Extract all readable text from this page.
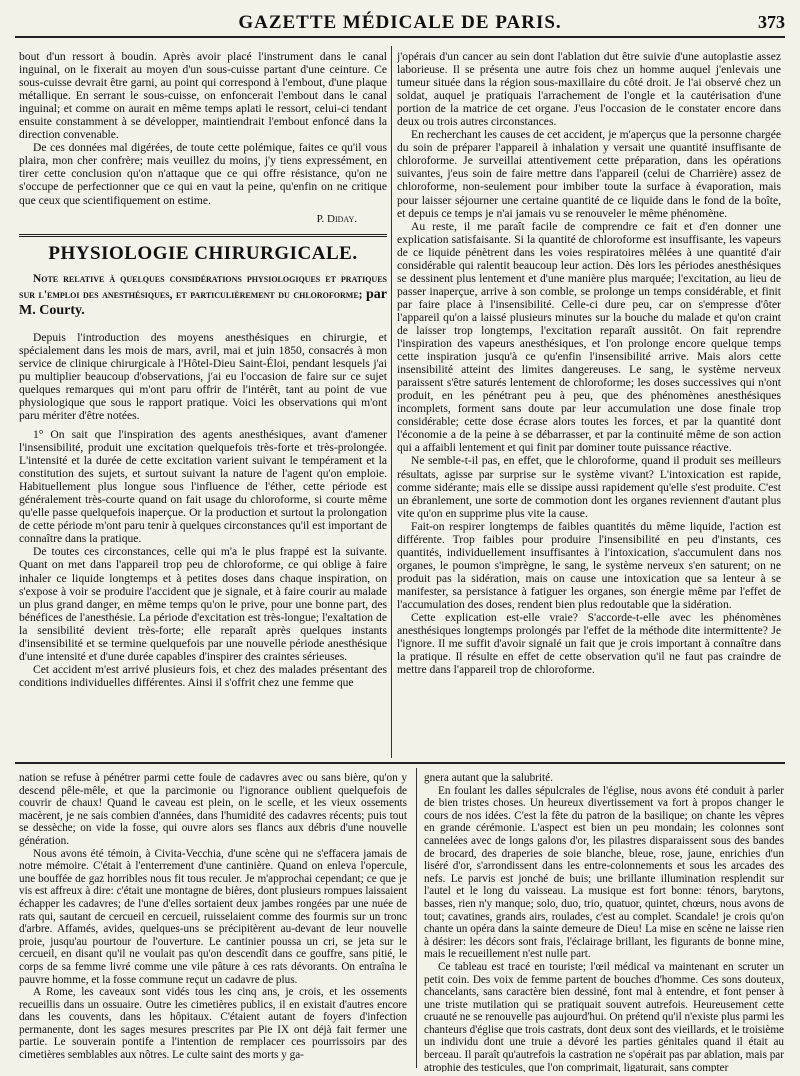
GAZETTE MÉDICALE DE PARIS.	373

bout d'un ressort à boudin. Après avoir placé l'instrument dans le canal inguinal, on le fixerait au moyen d'un sous-cuisse partant d'une ceinture. Ce sous-cuisse devrait être garni, au point qui correspond à l'embout, d'une plaque métallique. En serrant le sous-cuisse, on enfoncerait l'embout dans le canal inguinal; et comme on aurait en même temps aplati le ressort, celui-ci tendant ensuite constamment à se développer, maintiendrait l'embout enfoncé dans la direction convenable.

De ces données mal digérées, de toute cette polémique, faites ce qu'il vous plaira, mon cher confrère; mais veuillez du moins, j'y tiens expressément, en tirer cette conclusion qu'on n'attaque que ce qui offre résistance, qu'on ne s'occupe de perfectionner que ce qui en vaut la peine, qu'enfin on ne critique que ceux que scientifiquement on estime.

P. Diday.

PHYSIOLOGIE CHIRURGICALE.

Note relative à quelques considérations physiologiques et pratiques sur l'emploi des anesthésiques, et particulièrement du chloroforme; par M. Courty.

Depuis l'introduction des moyens anesthésiques en chirurgie, et spécialement dans les mois de mars, avril, mai et juin 1850, consacrés à mon service de clinique chirurgicale à l'Hôtel-Dieu Saint-Éloi, pendant lesquels j'ai pu multiplier beaucoup d'observations, j'ai eu l'occasion de faire sur ce sujet quelques remarques qui m'ont paru offrir de l'intérêt, tant au point de vue physiologique que sous le rapport pratique. Voici les observations qui m'ont paru mériter d'être notées.

1° On sait que l'inspiration des agents anesthésiques, avant d'amener l'insensibilité, produit une excitation quelquefois très-forte et très-prolongée. L'intensité et la durée de cette excitation varient suivant le tempérament et la constitution des sujets, et surtout suivant la nature de l'agent qu'on emploie. Habituellement plus longue sous l'influence de l'éther, cette période est généralement très-courte quand on fait usage du chloroforme, si courte même qu'elle passe quelquefois inaperçue. Or la production et surtout la prolongation de cette période m'ont paru tenir à quelques circonstances qu'il est important de connaître dans la pratique.

De toutes ces circonstances, celle qui m'a le plus frappé est la suivante. Quant on met dans l'appareil trop peu de chloroforme, ce qui oblige à faire inhaler ce liquide longtemps et à petites doses dans chaque inspiration, on s'expose à voir se produire l'accident que je signale, et à faire courir au malade un plus grand danger, en même temps qu'on le prive, pour une bonne part, des bénéfices de l'anesthésie. La période d'excitation est très-longue; l'exaltation de la sensibilité devient très-forte; elle reparaît après quelques instants d'insensibilité et se termine quelquefois par une nouvelle période anesthésique d'une intensité et d'une durée capables d'inspirer des craintes sérieuses.

Cet accident m'est arrivé plusieurs fois, et chez des malades présentant des conditions individuelles différentes. Ainsi il s'offrit chez une femme que

j'opérais d'un cancer au sein dont l'ablation dut être suivie d'une autoplastie assez laborieuse. Il se présenta une autre fois chez un homme auquel j'enlevais une tumeur située dans la région sous-maxillaire du côté droit. Je l'ai observé chez un soldat, auquel je pratiquais l'arrachement de l'ongle et la cautérisation d'une portion de la matrice de cet organe. J'eus l'occasion de le constater encore dans deux ou trois autres circonstances.

En recherchant les causes de cet accident, je m'aperçus que la personne chargée du soin de préparer l'appareil à inhalation y versait une quantité insuffisante de chloroforme. Je surveillai attentivement cette préparation, dans les opérations suivantes, j'eus soin de faire mettre dans l'appareil (celui de Charrière) assez de chloroforme, non-seulement pour imbiber toute la surface à évaporation, mais pour laisser séjourner une certaine quantité de ce liquide dans le fond de la boîte, et depuis ce temps je n'ai jamais vu se renouveler le même phénomène.

Au reste, il me paraît facile de comprendre ce fait et d'en donner une explication satisfaisante. Si la quantité de chloroforme est insuffisante, les vapeurs de ce liquide pénètrent dans les voies respiratoires mêlées à une quantité d'air considérable qui ralentit beaucoup leur action. Dès lors les périodes anesthésiques se dessinent plus lentement et d'une manière plus marquée; l'excitation, au lieu de passer inaperçue, arrive à son comble, se prolonge un temps considérable, et finit par faire place à l'insensibilité. Celle-ci dure peu, car on s'empresse d'ôter l'appareil qu'on a laissé plusieurs minutes sur la bouche du malade et qu'on craint de laisser trop longtemps, l'excitation reparaît aussitôt. On fait reprendre l'inspiration des vapeurs anesthésiques, et l'on prolonge encore quelque temps cette inspiration jusqu'à ce qu'enfin l'insensibilité arrive. Mais alors cette insensibilité atteint des limites dangereuses. Le sang, le système nerveux paraissent s'être saturés lentement de chloroforme; les doses successives qui n'ont produit, en les pénétrant peu à peu, que des phénomènes anesthésiques incomplets, forment sans doute par leur accumulation une dose finale trop considérable; cette dose écrase alors toutes les forces, et par la quantité dont l'économie a de la peine à se débarrasser, et par la continuité même de son action qui a affaibli lentement et qui finit par dominer toute puissance réactive.

Ne semble-t-il pas, en effet, que le chloroforme, quand il produit ses meilleurs résultats, agisse par surprise sur le système vivant? L'intoxication est rapide, comme sidérante; mais elle se dissipe aussi rapidement qu'elle s'est produite. C'est un ébranlement, une sorte de commotion dont les organes reviennent d'autant plus vite qu'on en supprime plus vite la cause.

Fait-on respirer longtemps de faibles quantités du même liquide, l'action est différente. Trop faibles pour produire l'insensibilité en peu d'instants, ces quantités, individuellement insuffisantes à l'intoxication, s'accumulent dans nos organes, le poumon s'imprègne, le sang, le système nerveux s'en saturent; on ne produit pas la sidération, mais on cause une intoxication que sa lenteur à se manifester, sa persistance à fatiguer les organes, son énergie même par l'effet de l'accumulation des doses, rendent bien plus redoutable que la sidération.

Cette explication est-elle vraie? S'accorde-t-elle avec les phénomènes anesthésiques longtemps prolongés par l'effet de la méthode dite intermittente? Je l'ignore. Il me suffit d'avoir signalé un fait que je crois important à connaître dans la pratique. Il résulte en effet de cette observation qu'il ne faut pas craindre de mettre dans l'appareil trop de chloroforme.

nation se refuse à pénétrer parmi cette foule de cadavres avec ou sans bière, qu'on y descend pêle-mêle, et que la parcimonie ou l'ignorance oublient quelquefois de couvrir de chaux! Quand le caveau est plein, on le scelle, et les vieux ossements macèrent, je ne sais combien d'années, dans l'humidité des cadavres récents; puis tout se dessèche; on vide la fosse, qui ouvre alors ses flancs aux débris d'une nouvelle génération.

Nous avons été témoin, à Civita-Vecchia, d'une scène qui ne s'effacera jamais de notre mémoire. C'était à l'enterrement d'une cantinière. Quand on enleva l'opercule, une bouffée de gaz horribles nous fit tous reculer. Je m'approchai cependant; ce que je vis est affreux à dire: c'était une montagne de bières, dont plusieurs rompues laissaient échapper les cadavres; de l'une d'elles sortaient deux jambes rongées par une nuée de rats qui, sautant de cercueil en cercueil, ruisselaient comme des fourmis sur un tronc d'arbre. Affamés, avides, quelques-uns se précipitèrent au-devant de leur nouvelle proie, jusqu'au pourtour de l'ouverture. Le cantinier poussa un cri, se jeta sur le cercueil, en disant qu'il ne voulait pas qu'on descendît dans ce gouffre, sans pitié, le corps de sa femme livré comme une vile pâture à ces rats dévorants. On entraîna le pauvre homme, et la fosse commune reçut un cadavre de plus.

A Rome, les caveaux sont vidés tous les cinq ans, je crois, et les ossements recueillis dans un ossuaire. Outre les cimetières publics, il en existait d'autres encore dans les couvents, dans les hôpitaux. C'étaient autant de foyers d'infection permanente, dont les sages mesures prescrites par Pie IX ont déjà fait fermer une partie. Le souverain pontife a l'intention de remplacer ces pourrissoirs par des cimetières semblables aux nôtres. Le culte saint des morts y ga-

gnera autant que la salubrité.

En foulant les dalles sépulcrales de l'église, nous avons été conduit à parler de bien tristes choses. Un heureux divertissement va fort à propos changer le cours de nos idées. C'est la fête du patron de la basilique; on chante les vêpres en grande cérémonie. L'aspect est bien un peu mondain; les colonnes sont cannelées avec de longs galons d'or, les pilastres disparaissent sous des bandes de brocard, des draperies de soie blanche, bleue, rose, jaune, enrichies d'un liséré d'or, s'arrondissent dans les entre-colonnements et sous les arcades des nefs. Le parvis est jonché de buis; une brillante illumination resplendit sur l'autel et le long du vaisseau. La musique est fort bonne: ténors, barytons, basses, rien n'y manque; solo, duo, trio, quatuor, quintet, chœurs, nous avons de tout; cavatines, grands airs, roulades, c'est au complet. Scandale! je crois qu'on chante un opéra dans la sainte demeure de Dieu! La mise en scène ne laisse rien à désirer: les décors sont frais, l'éclairage brillant, les figurants de bonne mine, mais le recueillement n'est nulle part.

Ce tableau est tracé en touriste; l'œil médical va maintenant en scruter un petit coin. Des voix de femme partent de bouches d'homme. Ces sons douteux, chancelants, sans caractère bien dessiné, font mal à entendre, et font penser à une triste mutilation qui se pratiquait souvent autrefois. Heureusement cette cruauté ne se renouvelle pas aujourd'hui. On prétend qu'il n'existe plus parmi les chanteurs d'église que trois castrats, dont deux sont des vieillards, et le troisième un individu dont une truie a dévoré les parties génitales quand il était au berceau. Il paraît qu'autrefois la castration ne s'opérait pas par ablation, mais par atrophie des testicules, que l'on comprimait, ligaturait, sans compter
